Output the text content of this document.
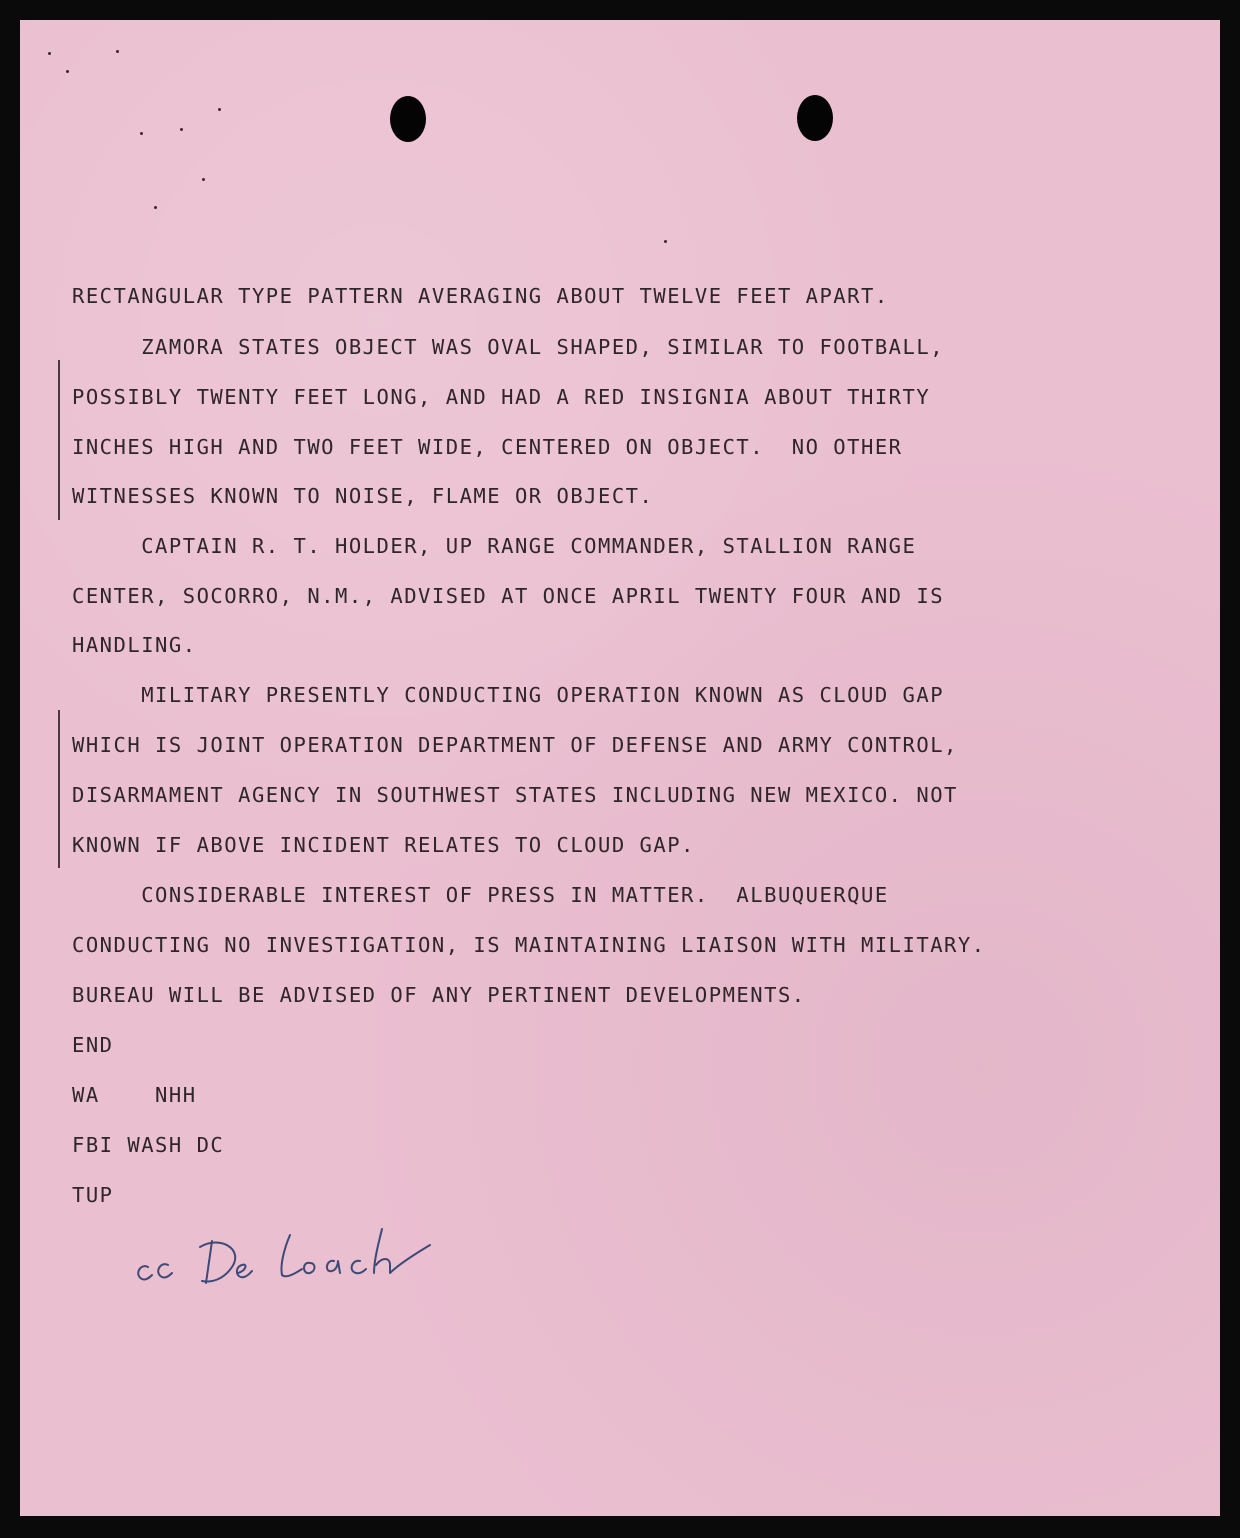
RECTANGULAR TYPE PATTERN AVERAGING ABOUT TWELVE FEET APART.
ZAMORA STATES OBJECT WAS OVAL SHAPED, SIMILAR TO FOOTBALL,
POSSIBLY TWENTY FEET LONG, AND HAD A RED INSIGNIA ABOUT THIRTY
INCHES HIGH AND TWO FEET WIDE, CENTERED ON OBJECT.  NO OTHER
WITNESSES KNOWN TO NOISE, FLAME OR OBJECT.
CAPTAIN R. T. HOLDER, UP RANGE COMMANDER, STALLION RANGE
CENTER, SOCORRO, N.M., ADVISED AT ONCE APRIL TWENTY FOUR AND IS
HANDLING.
MILITARY PRESENTLY CONDUCTING OPERATION KNOWN AS CLOUD GAP
WHICH IS JOINT OPERATION DEPARTMENT OF DEFENSE AND ARMY CONTROL,
DISARMAMENT AGENCY IN SOUTHWEST STATES INCLUDING NEW MEXICO. NOT
KNOWN IF ABOVE INCIDENT RELATES TO CLOUD GAP.
CONSIDERABLE INTEREST OF PRESS IN MATTER.  ALBUQUERQUE
CONDUCTING NO INVESTIGATION, IS MAINTAINING LIAISON WITH MILITARY.
BUREAU WILL BE ADVISED OF ANY PERTINENT DEVELOPMENTS.
END
WA    NHH
FBI WASH DC
TUP
